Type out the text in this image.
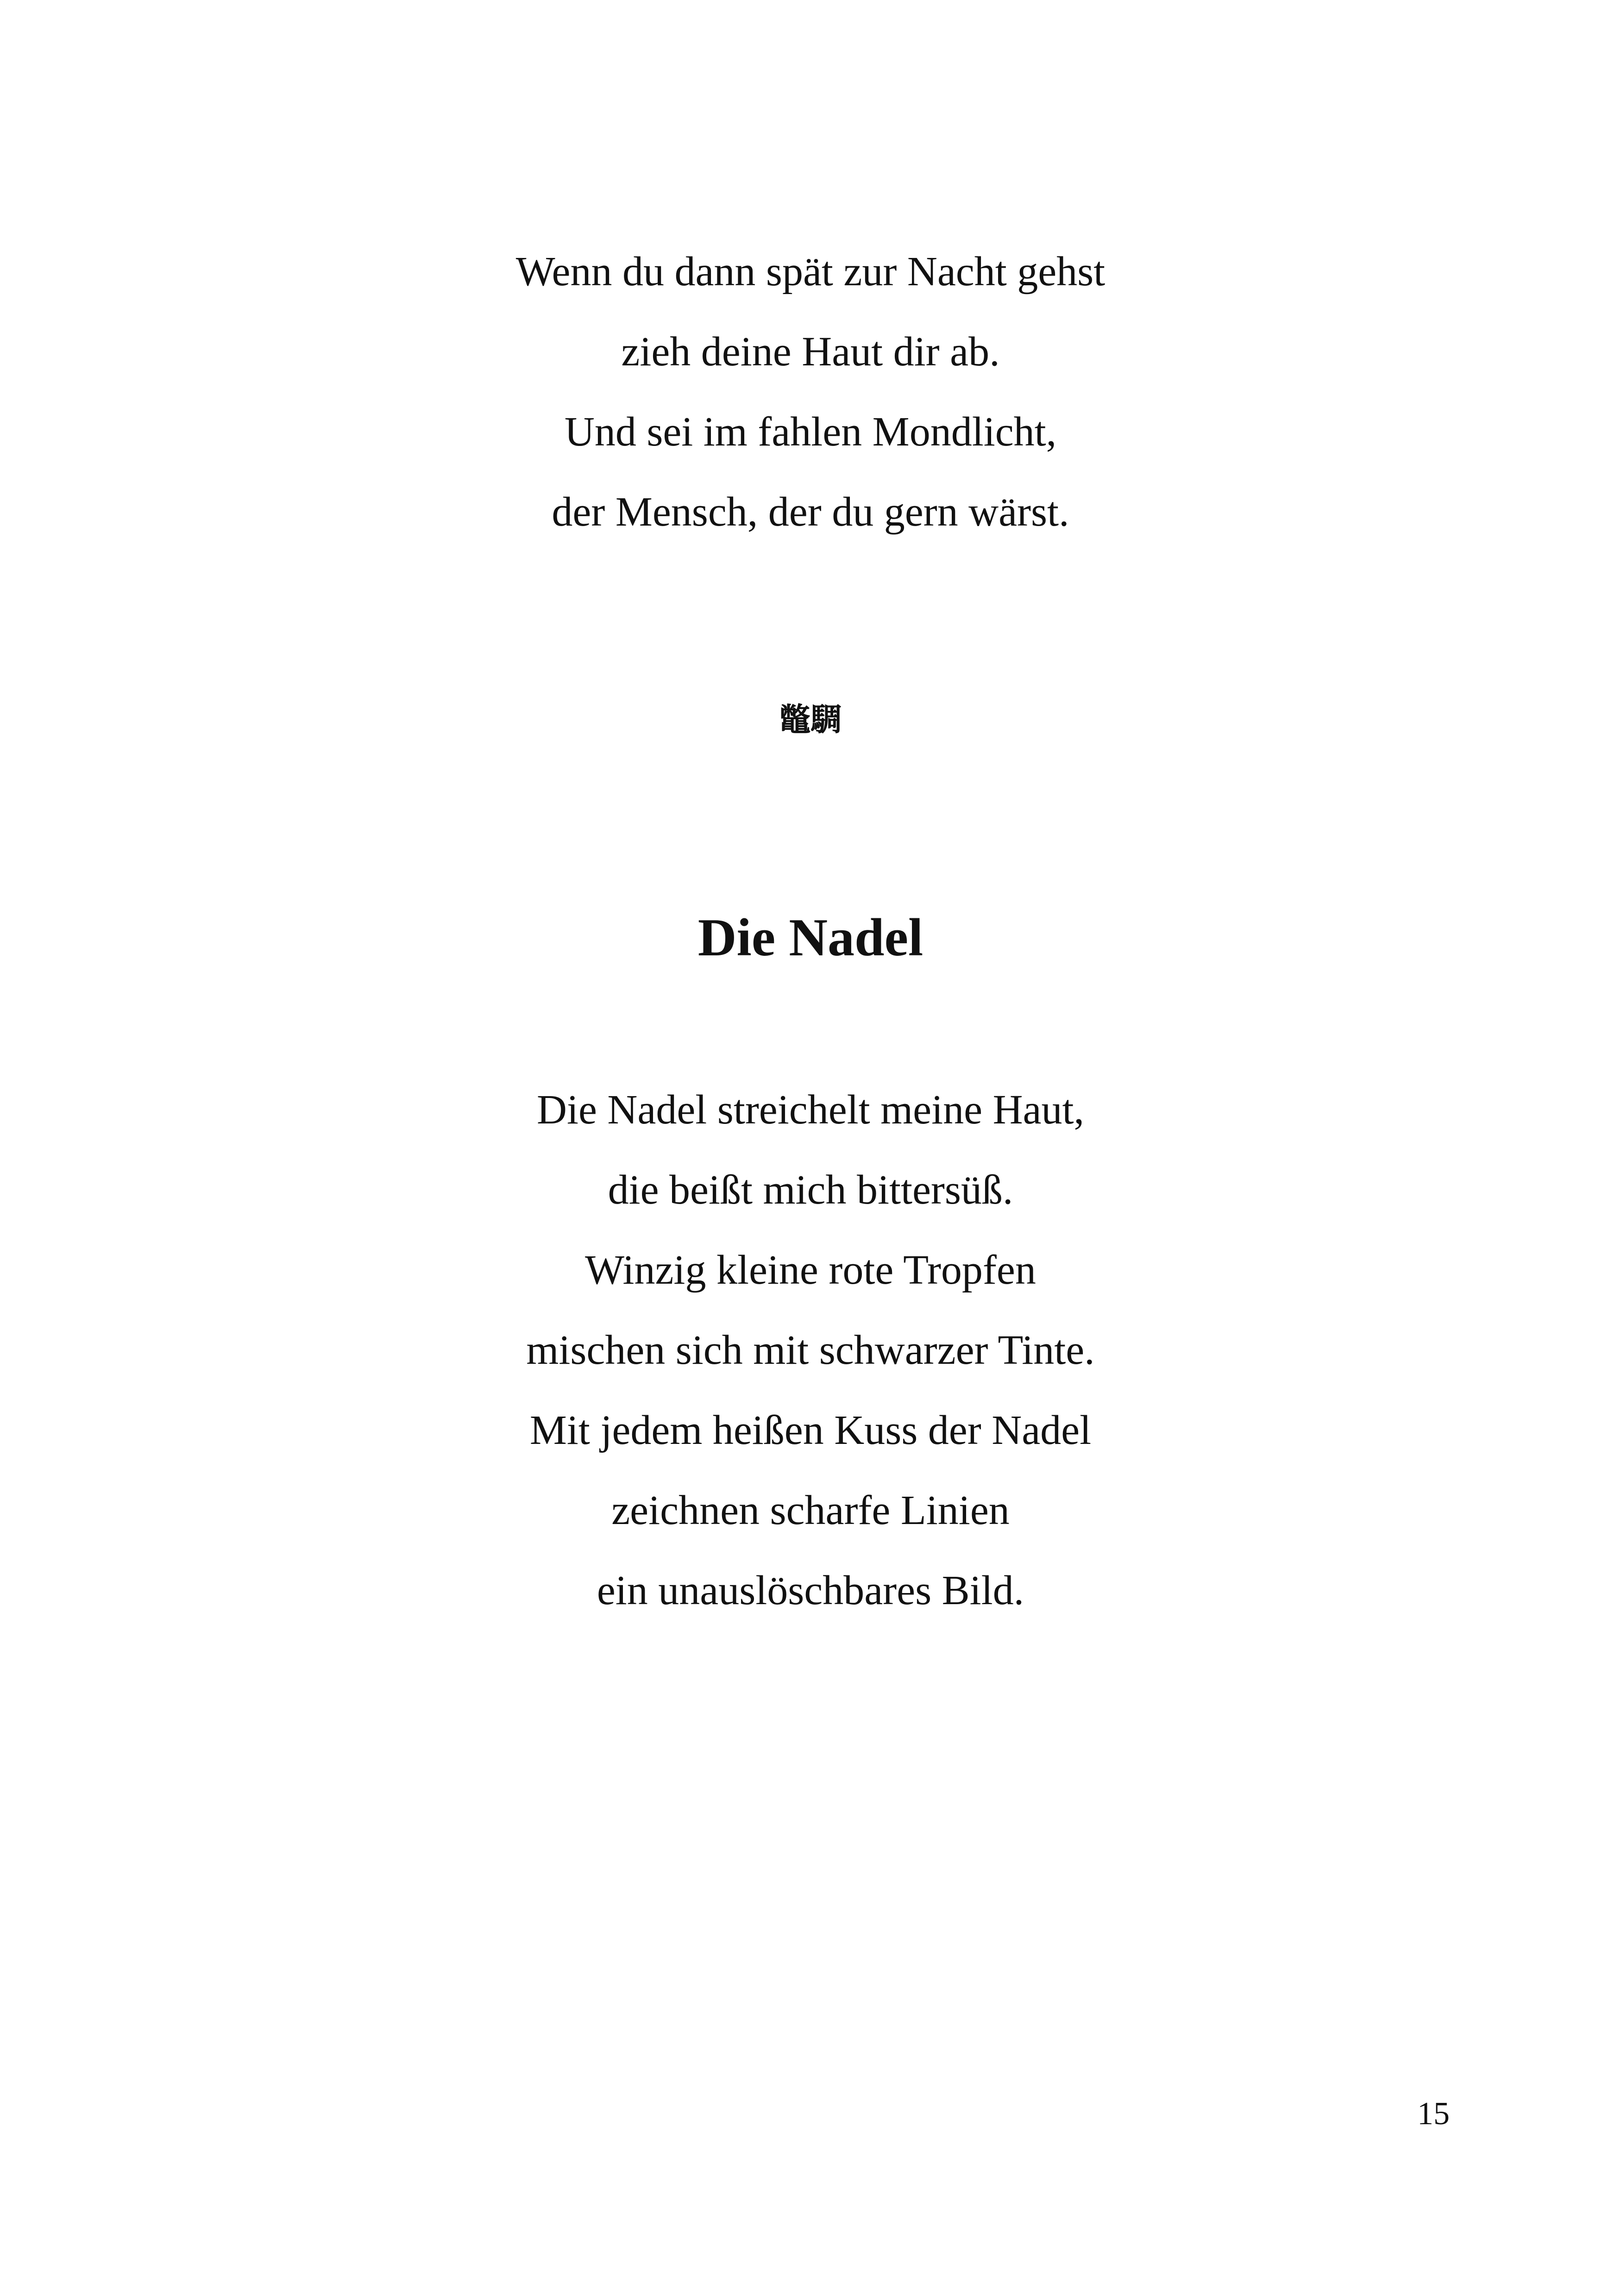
Wenn du dann spät zur Nacht gehst
zieh deine Haut dir ab.
Und sei im fahlen Mondlicht,
der Mensch, der du gern wärst.
鼈騆
Die Nadel
Die Nadel streichelt meine Haut,
die beißt mich bittersüß.
Winzig kleine rote Tropfen
mischen sich mit schwarzer Tinte.
Mit jedem heißen Kuss der Nadel
zeichnen scharfe Linien
ein unauslöschbares Bild.
15
